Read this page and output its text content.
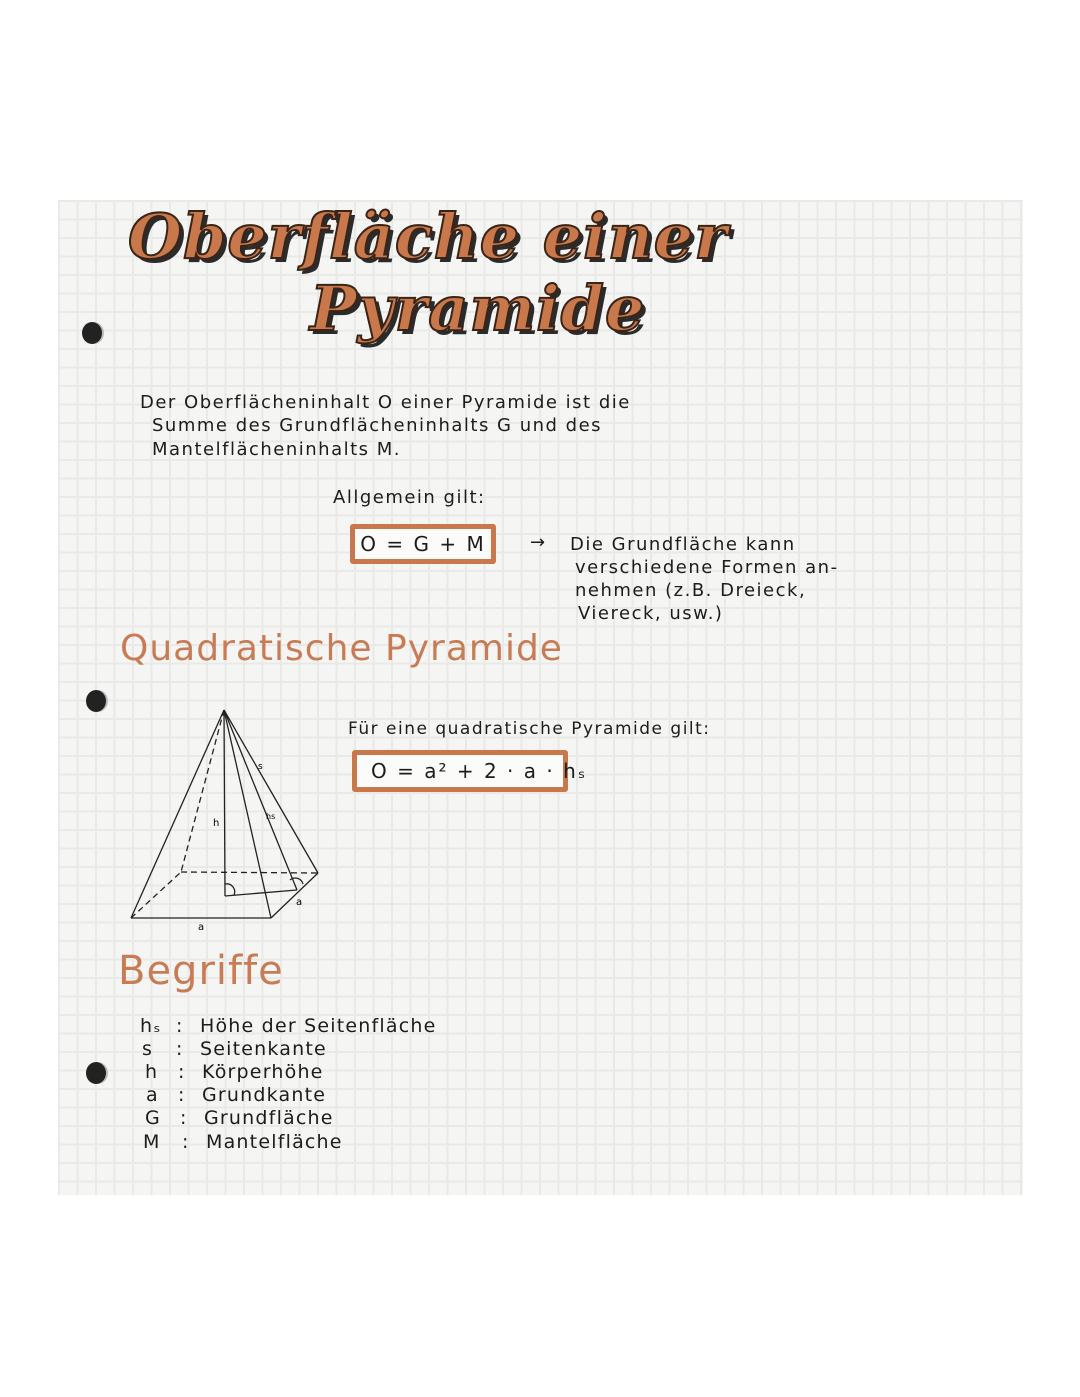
Oberfläche einer
Pyramide
Der Oberflächeninhalt O einer Pyramide ist die
Summe des Grundflächeninhalts G und des
Mantelflächeninhalts M.
Allgemein gilt:
O = G + M	→ Die Grundfläche kann
verschiedene Formen an-
nehmen (z.B. Dreieck,
Viereck, usw.)
Quadratische Pyramide
Für eine quadratische Pyramide gilt:
O = a² + 2 · a · hₛ
s
h
hs
a
a
Begriffe
hₛ : Höhe der Seitenfläche
s : Seitenkante
h : Körperhöhe
a : Grundkante
G : Grundfläche
M : Mantelfläche
